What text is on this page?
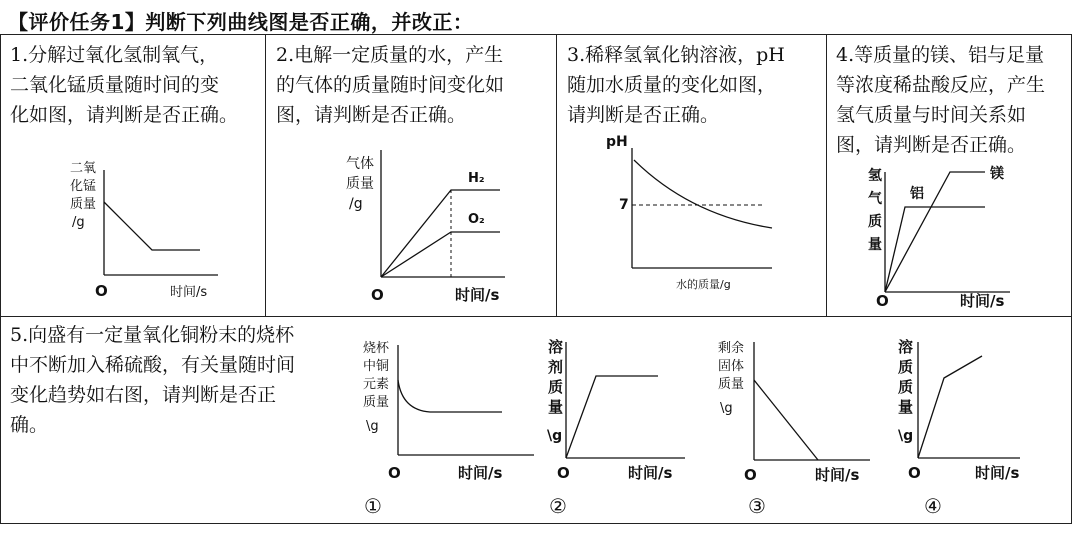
【评价任务1】判断下列曲线图是否正确，并改正：
1.分解过氧化氢制氧气，
二氧化锰质量随时间的变
化如图，请判断是否正确。
2.电解一定质量的水，产生
的气体的质量随时间变化如
图，请判断是否正确。
3.稀释氢氧化钠溶液，pH
随加水质量的变化如图，
请判断是否正确。
4.等质量的镁、铝与足量
等浓度稀盐酸反应，产生
氢气质量与时间关系如
图，请判断是否正确。
5.向盛有一定量氧化铜粉末的烧杯
中不断加入稀硫酸，有关量随时间
变化趋势如右图，请判断是否正
确。
二氧
化锰
质量
/g
O	时间/s
气体
质量
/g
H₂
O₂
O	时间/s
pH
7
水的质量/g
氢
气
质
量
铝
镁
O	时间/s
烧杯
中铜
元素
质量
\g
O	时间/s
溶
剂
质
量
\g
O	时间/s
剩余
固体
质量
\g
O	时间/s
溶
质
质
量
\g
O	时间/s
①	②	③	④
